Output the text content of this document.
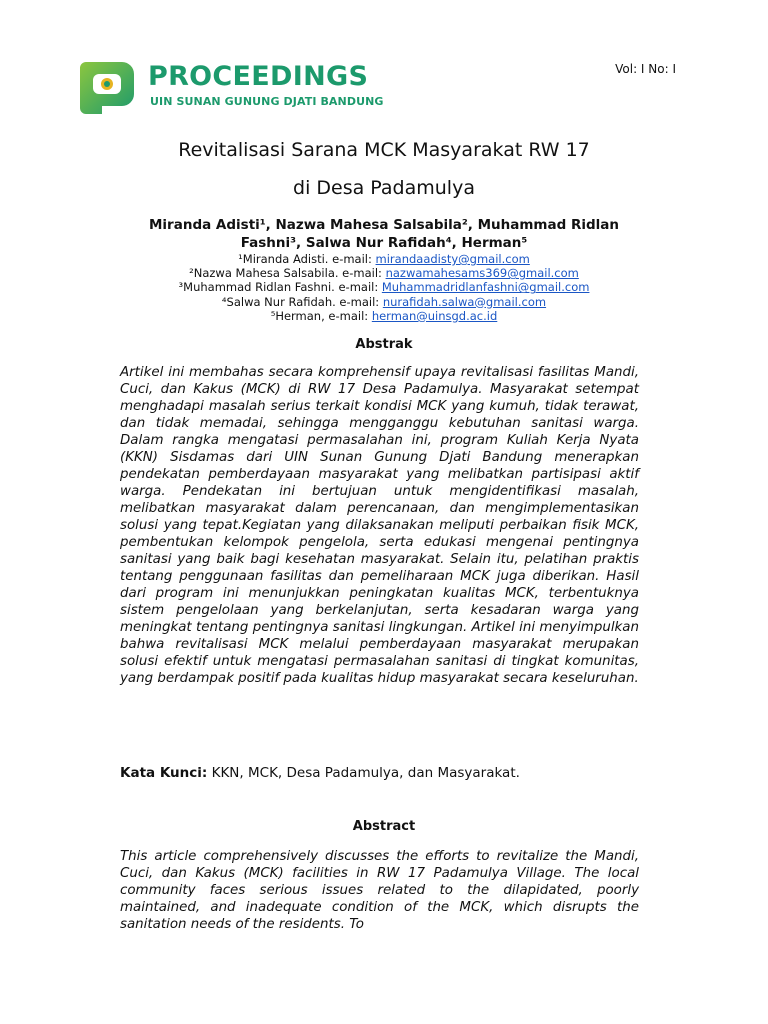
PROCEEDINGS
UIN SUNAN GUNUNG DJATI BANDUNG
Vol: I No: I
Revitalisasi Sarana MCK Masyarakat RW 17
di Desa Padamulya
Miranda Adisti¹, Nazwa Mahesa Salsabila², Muhammad Ridlan
Fashni³, Salwa Nur Rafidah⁴, Herman⁵
¹Miranda Adisti. e-mail: mirandaadisty@gmail.com
²Nazwa Mahesa Salsabila. e-mail: nazwamahesams369@gmail.com
³Muhammad Ridlan Fashni. e-mail: Muhammadridlanfashni@gmail.com
⁴Salwa Nur Rafidah. e-mail: nurafidah.salwa@gmail.com
⁵Herman, e-mail: herman@uinsgd.ac.id
Abstrak
Artikel ini membahas secara komprehensif upaya revitalisasi fasilitas Mandi, Cuci, dan Kakus (MCK) di RW 17 Desa Padamulya. Masyarakat setempat menghadapi masalah serius terkait kondisi MCK yang kumuh, tidak terawat, dan tidak memadai, sehingga mengganggu kebutuhan sanitasi warga. Dalam rangka mengatasi permasalahan ini, program Kuliah Kerja Nyata (KKN) Sisdamas dari UIN Sunan Gunung Djati Bandung menerapkan pendekatan pemberdayaan masyarakat yang melibatkan partisipasi aktif warga. Pendekatan ini bertujuan untuk mengidentifikasi masalah, melibatkan masyarakat dalam perencanaan, dan mengimplementasikan solusi yang tepat.Kegiatan yang dilaksanakan meliputi perbaikan fisik MCK, pembentukan kelompok pengelola, serta edukasi mengenai pentingnya sanitasi yang baik bagi kesehatan masyarakat. Selain itu, pelatihan praktis tentang penggunaan fasilitas dan pemeliharaan MCK juga diberikan. Hasil dari program ini menunjukkan peningkatan kualitas MCK, terbentuknya sistem pengelolaan yang berkelanjutan, serta kesadaran warga yang meningkat tentang pentingnya sanitasi lingkungan. Artikel ini menyimpulkan bahwa revitalisasi MCK melalui pemberdayaan masyarakat merupakan solusi efektif untuk mengatasi permasalahan sanitasi di tingkat komunitas, yang berdampak positif pada kualitas hidup masyarakat secara keseluruhan.
Kata Kunci: KKN, MCK, Desa Padamulya, dan Masyarakat.
Abstract
This article comprehensively discusses the efforts to revitalize the Mandi, Cuci, dan Kakus (MCK) facilities in RW 17 Padamulya Village. The local community faces serious issues related to the dilapidated, poorly maintained, and inadequate condition of the MCK, which disrupts the sanitation needs of the residents. To
